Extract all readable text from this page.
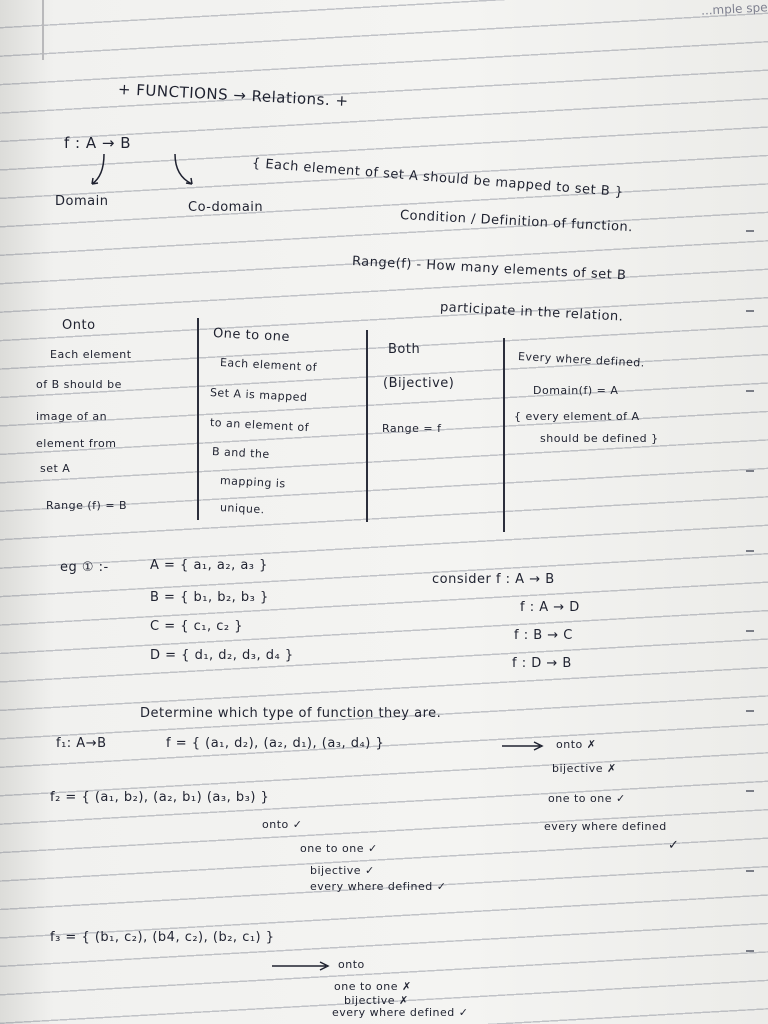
...mple spe
+ FUNCTIONS → Relations. +
f : A → B
Domain	Co-domain
{ Each element of set A should be mapped to set B }
Condition / Definition of function.
Range(f) - How many elements of set B
participate in the relation.
Onto
Each element
of B should be
image of an
element from
set A
Range (f) = B
One to one
Each element of
Set A is mapped
to an element of
B and the
mapping is
unique.
Both
(Bijective)
Range = f
Every where defined.
Domain(f) = A
{ every element of A
should be defined }
eg ① :-	A = { a₁, a₂, a₃ }
B = { b₁, b₂, b₃ }
C = { c₁, c₂ }
D = { d₁, d₂, d₃, d₄ }
consider f : A → B
f : A → D
f : B → C
f : D → B
Determine which type of function they are.
f₁: A→B	f = { (a₁, d₂), (a₂, d₁), (a₃, d₄) }	onto ✗
bijective ✗
f₂ = { (a₁, b₂), (a₂, b₁) (a₃, b₃) }	one to one ✓
every where defined
✓
onto ✓
one to one ✓
bijective ✓
every where defined ✓
f₃ = { (b₁, c₂), (b4, c₂), (b₂, c₁) }
onto
one to one ✗
bijective ✗
every where defined ✓
